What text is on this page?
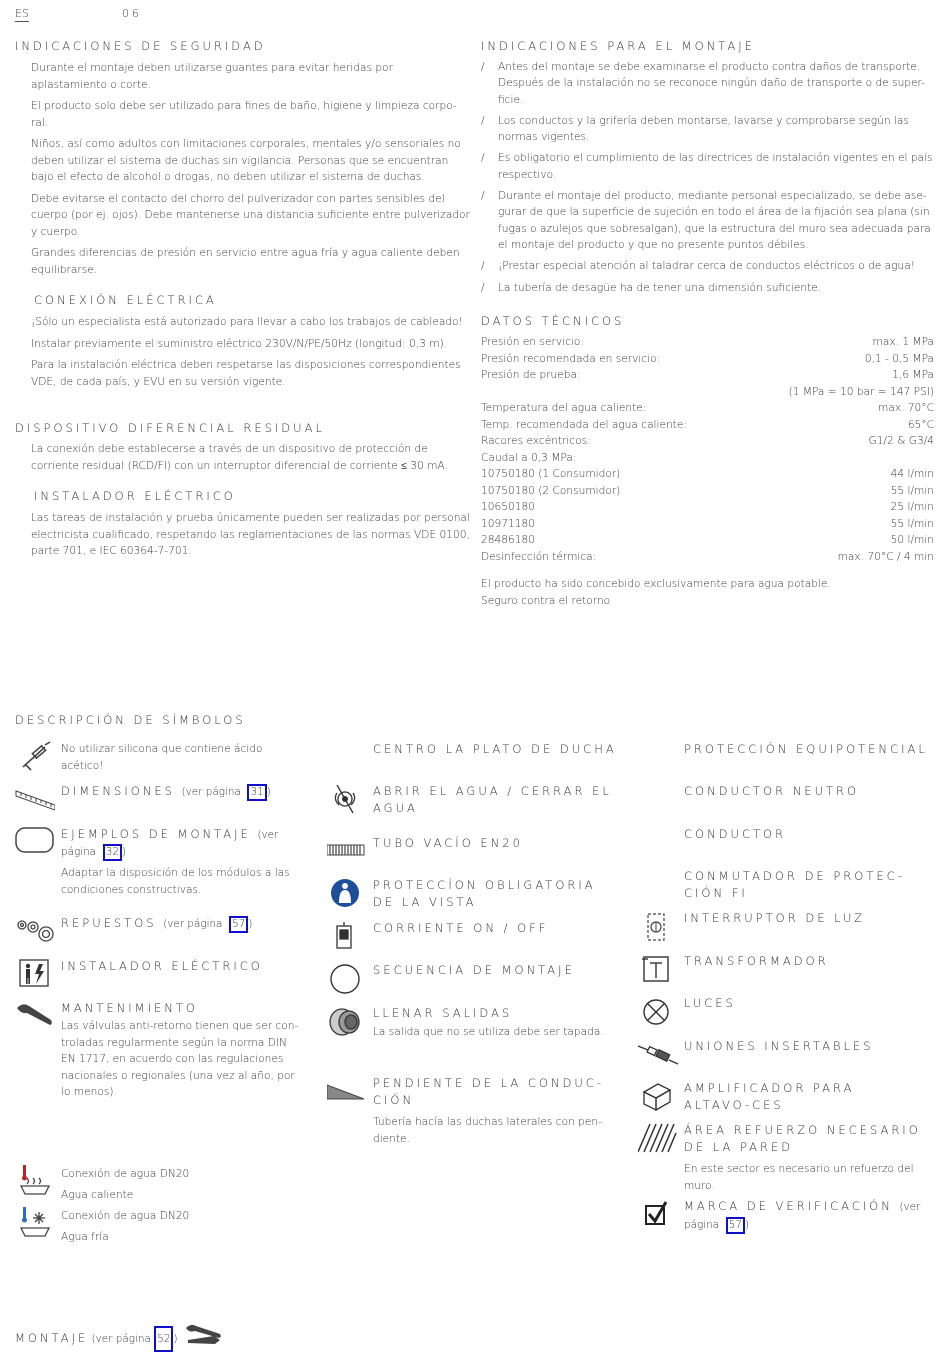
ES	06
INDICACIONES DE SEGURIDAD
Durante el montaje deben utilizarse guantes para evitar heridas por aplastamiento o corte.
El producto solo debe ser utilizado para fines de baño, higiene y limpieza corpo-ral.
Niños, así como adultos con limitaciones corporales, mentales y/o sensoriales no deben utilizar el sistema de duchas sin vigilancia. Personas que se encuentran bajo el efecto de alcohol o drogas, no deben utilizar el sistema de duchas.
Debe evitarse el contacto del chorro del pulverizador con partes sensibles del cuerpo (por ej. ojos). Debe mantenerse una distancia suficiente entre pulverizador y cuerpo.
Grandes diferencias de presión en servicio entre agua fría y agua caliente deben equilibrarse.
CONEXIÓN ELÉCTRICA
¡Sólo un especialista está autorizado para llevar a cabo los trabajos de cableado!
Instalar previamente el suministro eléctrico 230V/N/PE/50Hz (longitud: 0,3 m).
Para la instalación eléctrica deben respetarse las disposiciones correspondientes VDE, de cada país, y EVU en su versión vigente.
DISPOSITIVO DIFERENCIAL RESIDUAL
La conexión debe establecerse a través de un dispositivo de protección de corriente residual (RCD/FI) con un interruptor diferencial de corriente ≤ 30 mA.
INSTALADOR ELÉCTRICO
Las tareas de instalación y prueba únicamente pueden ser realizadas por personal electricista cualificado, respetando las reglamentaciones de las normas VDE 0100, parte 701, e IEC 60364-7-701.
INDICACIONES PARA EL MONTAJE
/ Antes del montaje se debe examinarse el producto contra daños de transporte. Después de la instalación no se reconoce ningún daño de transporte o de super-ficie.
/ Los conductos y la grifería deben montarse, lavarse y comprobarse según las normas vigentes.
/ Es obligatorio el cumplimiento de las directrices de instalación vigentes en el país respectivo.
/ Durante el montaje del producto, mediante personal especializado, se debe ase-gurar de que la superficie de sujeción en todo el área de la fijación sea plana (sin fugas o azulejos que sobresalgan), que la estructura del muro sea adecuada para el montaje del producto y que no presente puntos débiles.
/ ¡Prestar especial atención al taladrar cerca de conductos eléctricos o de agua!
/ La tubería de desagüe ha de tener una dimensión suficiente.
DATOS TÉCNICOS
Presión en servicio:	max. 1 MPa
Presión recomendada en servicio:	0,1 - 0,5 MPa
Presión de prueba:	1,6 MPa
(1 MPa = 10 bar = 147 PSI)
Temperatura del agua caliente:	max. 70°C
Temp. recomendada del agua caliente:	65°C
Racores excéntricos:	G1/2 & G3/4
Caudal a 0,3 MPa:
10750180 (1 Consumidor)	44 l/min
10750180 (2 Consumidor)	55 l/min
10650180	25 l/min
10971180	55 l/min
28486180	50 l/min
Desinfección térmica:	max. 70°C / 4 min
El producto ha sido concebido exclusivamente para agua potable.
Seguro contra el retorno
DESCRIPCIÓN DE SÍMBOLOS
No utilizar silicona que contiene ácido acético!
DIMENSIONES (ver página 31 )
EJEMPLOS DE MONTAJE (ver página 32 )
Adaptar la disposición de los módulos a las condiciones constructivas.
REPUESTOS (ver página 57 )
INSTALADOR ELÉCTRICO
MANTENIMIENTO
Las válvulas anti-retorno tienen que ser con-troladas regularmente según la norma DIN EN 1717, en acuerdo con las regulaciones nacionales o regionales (una vez al año, por lo menos).
Conexión de agua DN20
Agua caliente
Conexión de agua DN20
Agua fría
CENTRO LA PLATO DE DUCHA
ABRIR EL AGUA / CERRAR EL AGUA
TUBO VACÍO EN20
PROTECCÍON OBLIGATORIA DE LA VISTA
CORRIENTE ON / OFF
SECUENCIA DE MONTAJE
LLENAR SALIDAS
La salida que no se utiliza debe ser tapada.
PENDIENTE DE LA CONDUC-CIÓN
Tubería hacía las duchas laterales con pen-diente.
PROTECCIÓN EQUIPOTENCIAL
CONDUCTOR NEUTRO
CONDUCTOR
CONMUTADOR DE PROTEC-CIÓN FI
INTERRUPTOR DE LUZ
TRANSFORMADOR
LUCES
UNIONES INSERTABLES
AMPLIFICADOR PARA ALTAVO-CES
ÁREA REFUERZO NECESARIO DE LA PARED
En este sector es necesario un refuerzo del muro.
MARCA DE VERIFICACIÓN (ver página 57 )
MONTAJE (ver página 52 )
